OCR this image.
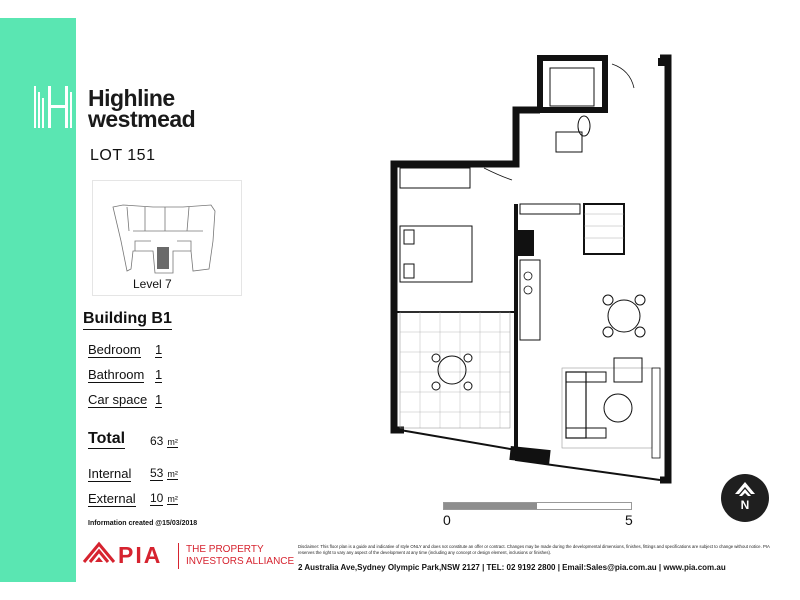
Highline
westmead
LOT 151
Level 7
Building B1
Bedroom 1
Bathroom 1
Car space 1
Total 63 m²
Internal 53 m²
External 10 m²
Information created @15/03/2018	0	5
N
PIA THE PROPERTY
INVESTORS ALLIANCE
Disclaimer: This floor plan is a guide and indicative of style ONLY and does not constitute an offer or contract. Changes may be made during the developmental dimensions, finishes, fittings and specifications are subject to change without notice. PIA reserves the right to vary any aspect of the development at any time (including any concept or design element, inclusions or finishes).
2 Australia Ave,Sydney Olympic Park,NSW 2127 | TEL: 02 9192 2800 | Email:Sales@pia.com.au | www.pia.com.au
